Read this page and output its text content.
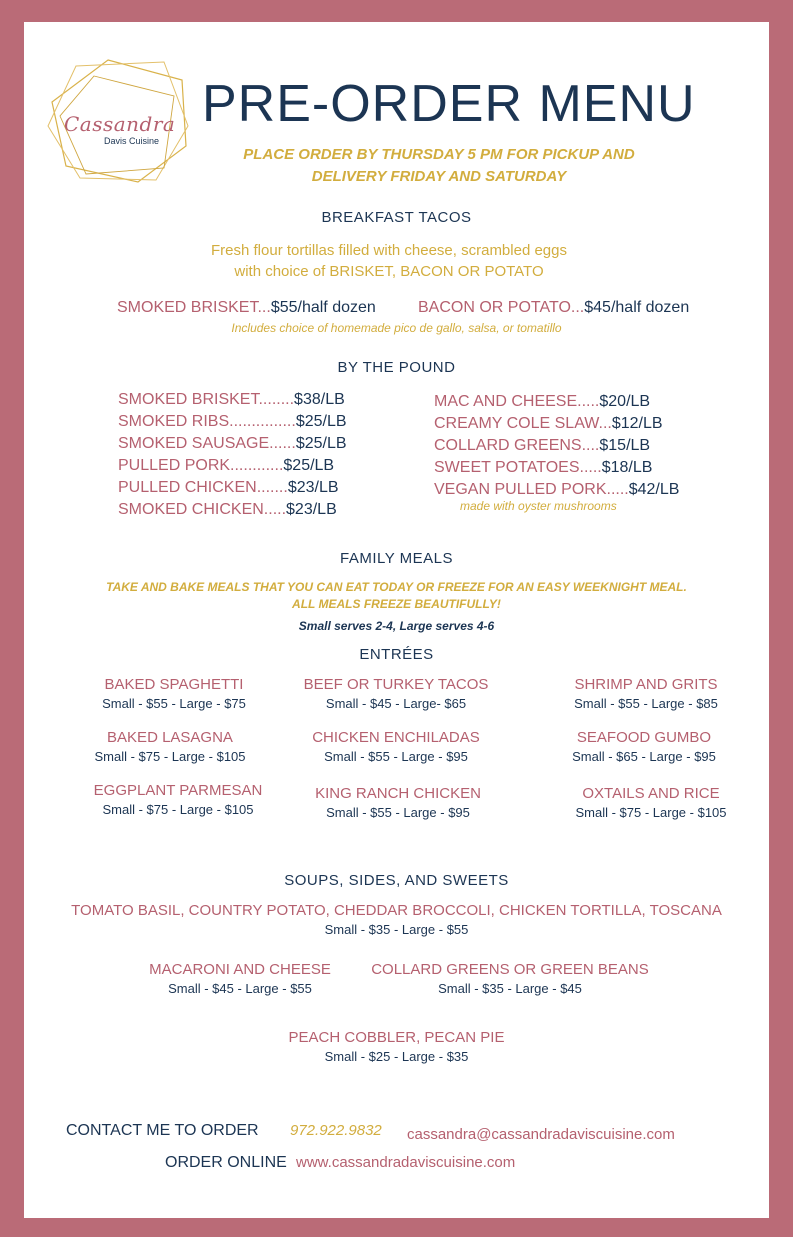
Cassandra
Davis Cuisine
PRE-ORDER MENU
PLACE ORDER BY THURSDAY 5 PM FOR PICKUP AND
DELIVERY FRIDAY AND SATURDAY
BREAKFAST TACOS
Fresh flour tortillas filled with cheese, scrambled eggs
with choice of BRISKET, BACON OR POTATO
SMOKED BRISKET...$55/half dozen	BACON OR POTATO...$45/half dozen
Includes choice of homemade pico de gallo, salsa, or tomatillo
BY THE POUND
SMOKED BRISKET........$38/LB
SMOKED RIBS...............$25/LB
SMOKED SAUSAGE......$25/LB
PULLED PORK............$25/LB
PULLED CHICKEN.......$23/LB
SMOKED CHICKEN.....$23/LB
MAC AND CHEESE.....$20/LB
CREAMY COLE SLAW...$12/LB
COLLARD GREENS....$15/LB
SWEET POTATOES.....$18/LB
VEGAN PULLED PORK.....$42/LB
made with oyster mushrooms
FAMILY MEALS
TAKE AND BAKE MEALS THAT YOU CAN EAT TODAY OR FREEZE FOR AN EASY WEEKNIGHT MEAL.
ALL MEALS FREEZE BEAUTIFULLY!
Small serves 2-4, Large serves 4-6
ENTRÉES
BAKED SPAGHETTI
Small - $55 - Large - $75
BEEF OR TURKEY TACOS
Small - $45 - Large- $65
SHRIMP AND GRITS
Small - $55 - Large - $85
BAKED LASAGNA
Small - $75 - Large - $105
CHICKEN ENCHILADAS
Small - $55 - Large - $95
SEAFOOD GUMBO
Small - $65 - Large - $95
EGGPLANT PARMESAN
Small - $75 - Large - $105
KING RANCH CHICKEN
Small - $55 - Large - $95
OXTAILS AND RICE
Small - $75 - Large - $105
SOUPS, SIDES, AND SWEETS
TOMATO BASIL, COUNTRY POTATO, CHEDDAR BROCCOLI, CHICKEN TORTILLA, TOSCANA
Small - $35 - Large - $55
MACARONI AND CHEESE
Small - $45 - Large - $55
COLLARD GREENS OR GREEN BEANS
Small - $35 - Large - $45
PEACH COBBLER, PECAN PIE
Small - $25 - Large - $35
CONTACT ME TO ORDER 972.922.9832 cassandra@cassandradaviscuisine.com
ORDER ONLINE www.cassandradaviscuisine.com
